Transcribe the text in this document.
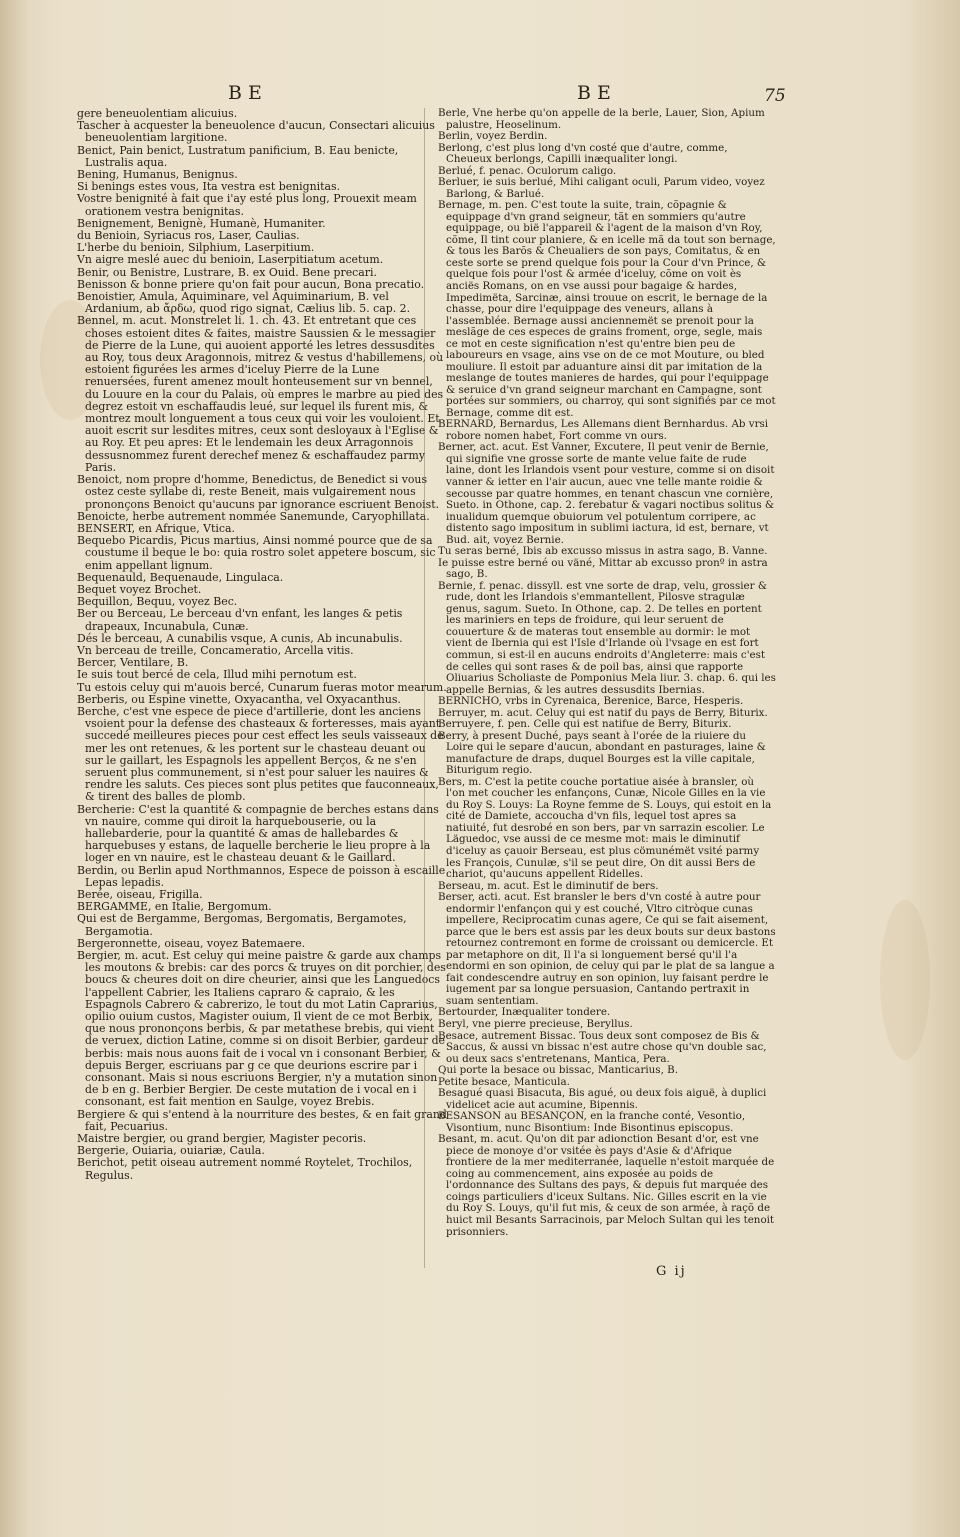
BE	BE	75

gere beneuolentiam alicuius.

Tascher à acquester la beneuolence d'aucun, Consectari alicuius beneuolentiam largitione.

Benict, Pain benict, Lustratum panificium, B. Eau benicte, Lustralis aqua.

Bening, Humanus, Benignus.

Si benings estes vous, Ita vestra est benignitas.

Vostre benignité à fait que i'ay esté plus long, Prouexit meam orationem vestra benignitas.

Benignement, Benignè, Humanè, Humaniter.

du Benioin, Syriacus ros, Laser, Caulias.

L'herbe du benioin, Silphium, Laserpitium.

Vn aigre meslé auec du benioin, Laserpitiatum acetum.

Benir, ou Benistre, Lustrare, B. ex Ouid. Bene precari.

Benisson & bonne priere qu'on fait pour aucun, Bona precatio.

Benoistier, Amula, Aquiminare, vel Aquiminarium, B. vel Ardanium, ab ἄρδω, quod rigo signat, Cælius lib. 5. cap. 2.

Bennel, m. acut. Monstrelet li. 1. ch. 43. Et entretant que ces choses estoient dites & faites, maistre Saussien & le messagier de Pierre de la Lune, qui auoient apporté les letres dessusdites au Roy, tous deux Aragonnois, mitrez & vestus d'habillemens, où estoient figurées les armes d'iceluy Pierre de la Lune renuersées, furent amenez moult honteusement sur vn bennel, du Louure en la cour du Palais, où empres le marbre au pied des degrez estoit vn eschaffaudis leué, sur lequel ils furent mis, & montrez moult longuement a tous ceux qui voir les vouloient. Et auoit escrit sur lesdites mitres, ceux sont desloyaux à l'Eglise & au Roy. Et peu apres: Et le lendemain les deux Arragonnois dessusnommez furent derechef menez & eschaffaudez parmy Paris.

Benoict, nom propre d'homme, Benedictus, de Benedict si vous ostez ceste syllabe di, reste Beneit, mais vulgairement nous prononçons Benoict qu'aucuns par ignorance escriuent Benoist.

Benoicte, herbe autrement nommée Sanemunde, Caryophillata.

BENSERT, en Afrique, Vtica.

Bequebo Picardis, Picus martius, Ainsi nommé pource que de sa coustume il beque le bo: quia rostro solet appetere boscum, sic enim appellant lignum.

Bequenauld, Bequenaude, Lingulaca.

Bequet voyez Brochet.

Bequillon, Bequu, voyez Bec.

Ber ou Berceau, Le berceau d'vn enfant, les langes & petis drapeaux, Incunabula, Cunæ.

Dés le berceau, A cunabilis vsque, A cunis, Ab incunabulis.

Vn berceau de treille, Concameratio, Arcella vitis.

Bercer, Ventilare, B.

Ie suis tout bercé de cela, Illud mihi pernotum est.

Tu estois celuy qui m'auois bercé, Cunarum fueras motor mearum.

Berberis, ou Espine vinette, Oxyacantha, vel Oxyacanthus.

Berche, c'est vne espece de piece d'artillerie, dont les anciens vsoient pour la defense des chasteaux & forteresses, mais ayant succedé meilleures pieces pour cest effect les seuls vaisseaux de mer les ont retenues, & les portent sur le chasteau deuant ou sur le gaillart, les Espagnols les appellent Berços, & ne s'en seruent plus communement, si n'est pour saluer les nauires & rendre les saluts. Ces pieces sont plus petites que fauconneaux, & tirent des balles de plomb.

Bercherie: C'est la quantité & compagnie de berches estans dans vn nauire, comme qui diroit la harquebouserie, ou la hallebarderie, pour la quantité & amas de hallebardes & harquebuses y estans, de laquelle bercherie le lieu propre à la loger en vn nauire, est le chasteau deuant & le Gaillard.

Berdin, ou Berlin apud Northmannos, Espece de poisson à escaille Lepas lepadis.

Berée, oiseau, Frigilla.

BERGAMME, en Italie, Bergomum.

Qui est de Bergamme, Bergomas, Bergomatis, Bergamotes, Bergamotia.

Bergeronnette, oiseau, voyez Batemaere.

Bergier, m. acut. Est celuy qui meine paistre & garde aux champs les moutons & brebis: car des porcs & truyes on dit porchier, des boucs & cheures doit on dire cheurier, ainsi que les Languedocs l'appellent Cabrier, les Italiens capraro & capraio, & les Espagnols Cabrero & cabrerizo, le tout du mot Latin Caprarius, opilio ouium custos, Magister ouium, Il vient de ce mot Berbix, que nous prononçons berbis, & par metathese brebis, qui vient de veruex, diction Latine, comme si on disoit Berbier, gardeur de berbis: mais nous auons fait de i vocal vn i consonant Berbier, & depuis Berger, escriuans par g ce que deurions escrire par i consonant. Mais si nous escriuons Bergier, n'y a mutation sinon de b en g. Berbier Bergier. De ceste mutation de i vocal en i consonant, est fait mention en Saulge, voyez Brebis.

Bergiere & qui s'entend à la nourriture des bestes, & en fait grand fait, Pecuarius.

Maistre bergier, ou grand bergier, Magister pecoris.

Bergerie, Ouiaria, ouiariæ, Caula.

Berichot, petit oiseau autrement nommé Roytelet, Trochilos, Regulus.

Berle, Vne herbe qu'on appelle de la berle, Lauer, Sion, Apium palustre, Heoselinum.

Berlin, voyez Berdin.

Berlong, c'est plus long d'vn costé que d'autre, comme, Cheueux berlongs, Capilli inæqualiter longi.

Berlué, f. penac. Oculorum caligo.

Berluer, ie suis berlué, Mihi caligant oculi, Parum video, voyez Barlong, & Barlué.

Bernage, m. pen. C'est toute la suite, train, cõpagnie & equippage d'vn grand seigneur, tãt en sommiers qu'autre equippage, ou bië l'appareil & l'agent de la maison d'vn Roy, cõme, Il tint cour planiere, & en icelle mã da tout son bernage, & tous les Barõs & Cheualiers de son pays, Comitatus, & en ceste sorte se prend quelque fois pour la Cour d'vn Prince, & quelque fois pour l'ost & armée d'iceluy, cõme on voit ès anciës Romans, on en vse aussi pour bagaige & hardes, Impedimëta, Sarcinæ, ainsi trouue on escrit, le bernage de la chasse, pour dire l'equippage des veneurs, allans à l'assemblée. Bernage aussi anciennemët se prenoit pour la meslãge de ces especes de grains froment, orge, segle, mais ce mot en ceste signification n'est qu'entre bien peu de laboureurs en vsage, ains vse on de ce mot Mouture, ou bled mouliure. Il estoit par aduanture ainsi dit par imitation de la meslange de toutes manieres de hardes, qui pour l'equippage & seruice d'vn grand seigneur marchant en Campagne, sont portées sur sommiers, ou charroy, qui sont signifiés par ce mot Bernage, comme dit est.

BERNARD, Bernardus, Les Allemans dient Bernhardus. Ab vrsi robore nomen habet, Fort comme vn ours.

Berner, act. acut. Est Vanner, Excutere, Il peut venir de Bernie, qui signifie vne grosse sorte de mante velue faite de rude laine, dont les Irlandois vsent pour vesture, comme si on disoit vanner & ietter en l'air aucun, auec vne telle mante roidie & secousse par quatre hommes, en tenant chascun vne cornière, Sueto. in Othone, cap. 2. ferebatur & vagari noctibus solitus & inualidum quemque obuiorum vel potulentum corripere, ac distento sago impositum in sublimi iactura, id est, bernare, vt Bud. ait, voyez Bernie.

Tu seras berné, Ibis ab excusso missus in astra sago, B. Vanne.

Ie puisse estre berné ou väné, Mittar ab excusso pronº in astra sago, B.

Bernie, f. penac. dissyll. est vne sorte de drap, velu, grossier & rude, dont les Irlandois s'emmantellent, Pilosve stragulæ genus, sagum. Sueto. In Othone, cap. 2. De telles en portent les mariniers en teps de froidure, qui leur seruent de couuerture & de materas tout ensemble au dormir: le mot vient de Ibernia qui est l'Isle d'Irlande où l'vsage en est fort commun, si est-il en aucuns endroits d'Angleterre: mais c'est de celles qui sont rases & de poil bas, ainsi que rapporte Oliuarius Scholiaste de Pomponius Mela liur. 3. chap. 6. qui les appelle Bernias, & les autres dessusdits Ibernias.

BERNICHO, vrbs in Cyrenaica, Berenice, Barce, Hesperis.

Berruyer, m. acut. Celuy qui est natif du pays de Berry, Biturix.

Berruyere, f. pen. Celle qui est natifue de Berry, Biturix.

Berry, à present Duché, pays seant à l'orée de la riuiere du Loire qui le separe d'aucun, abondant en pasturages, laine & manufacture de draps, duquel Bourges est la ville capitale, Biturigum regio.

Bers, m. C'est la petite couche portatiue aisée à bransler, où l'on met coucher les enfançons, Cunæ, Nicole Gilles en la vie du Roy S. Louys: La Royne femme de S. Louys, qui estoit en la cité de Damiete, accoucha d'vn fils, lequel tost apres sa natiuité, fut desrobé en son bers, par vn sarrazin escolier. Le Läguedoc, vse aussi de ce mesme mot: mais le diminutif d'iceluy as çauoir Berseau, est plus cömunémët vsité parmy les François, Cunulæ, s'il se peut dire, On dit aussi Bers de chariot, qu'aucuns appellent Ridelles.

Berseau, m. acut. Est le diminutif de bers.

Berser, acti. acut. Est bransler le bers d'vn costé à autre pour endormir l'enfançon qui y est couché, Vltro citròque cunas impellere, Reciprocatim cunas agere, Ce qui se fait aisement, parce que le bers est assis par les deux bouts sur deux bastons retournez contremont en forme de croissant ou demicercle. Et par metaphore on dit, Il l'a si longuement bersé qu'il l'a endormi en son opinion, de celuy qui par le plat de sa langue a fait condescendre autruy en son opinion, luy faisant perdre le iugement par sa longue persuasion, Cantando pertraxit in suam sententiam.

Bertourder, Inæqualiter tondere.

Beryl, vne pierre precieuse, Beryllus.

Besace, autrement Bissac. Tous deux sont composez de Bis & Saccus, & aussi vn bissac n'est autre chose qu'vn double sac, ou deux sacs s'entretenans, Mantica, Pera.

Qui porte la besace ou bissac, Manticarius, B.

Petite besace, Manticula.

Besagué quasi Bisacuta, Bis agué, ou deux fois aiguë, à duplici videlicet acie aut acumine, Bipennis.

BESANSON au BESANÇON, en la franche conté, Vesontio, Visontium, nunc Bisontium: Inde Bisontinus episcopus.

Besant, m. acut. Qu'on dit par adionction Besant d'or, est vne piece de monoye d'or vsitée ès pays d'Asie & d'Afrique frontiere de la mer mediterranée, laquelle n'estoit marquée de coing au commencement, ains exposée au poids de l'ordonnance des Sultans des pays, & depuis fut marquée des coings particuliers d'iceux Sultans. Nic. Gilles escrit en la vie du Roy S. Louys, qu'il fut mis, & ceux de son armée, à raçõ de huict mil Besants Sarracinois, par Meloch Sultan qui les tenoit prisonniers.

G ij
